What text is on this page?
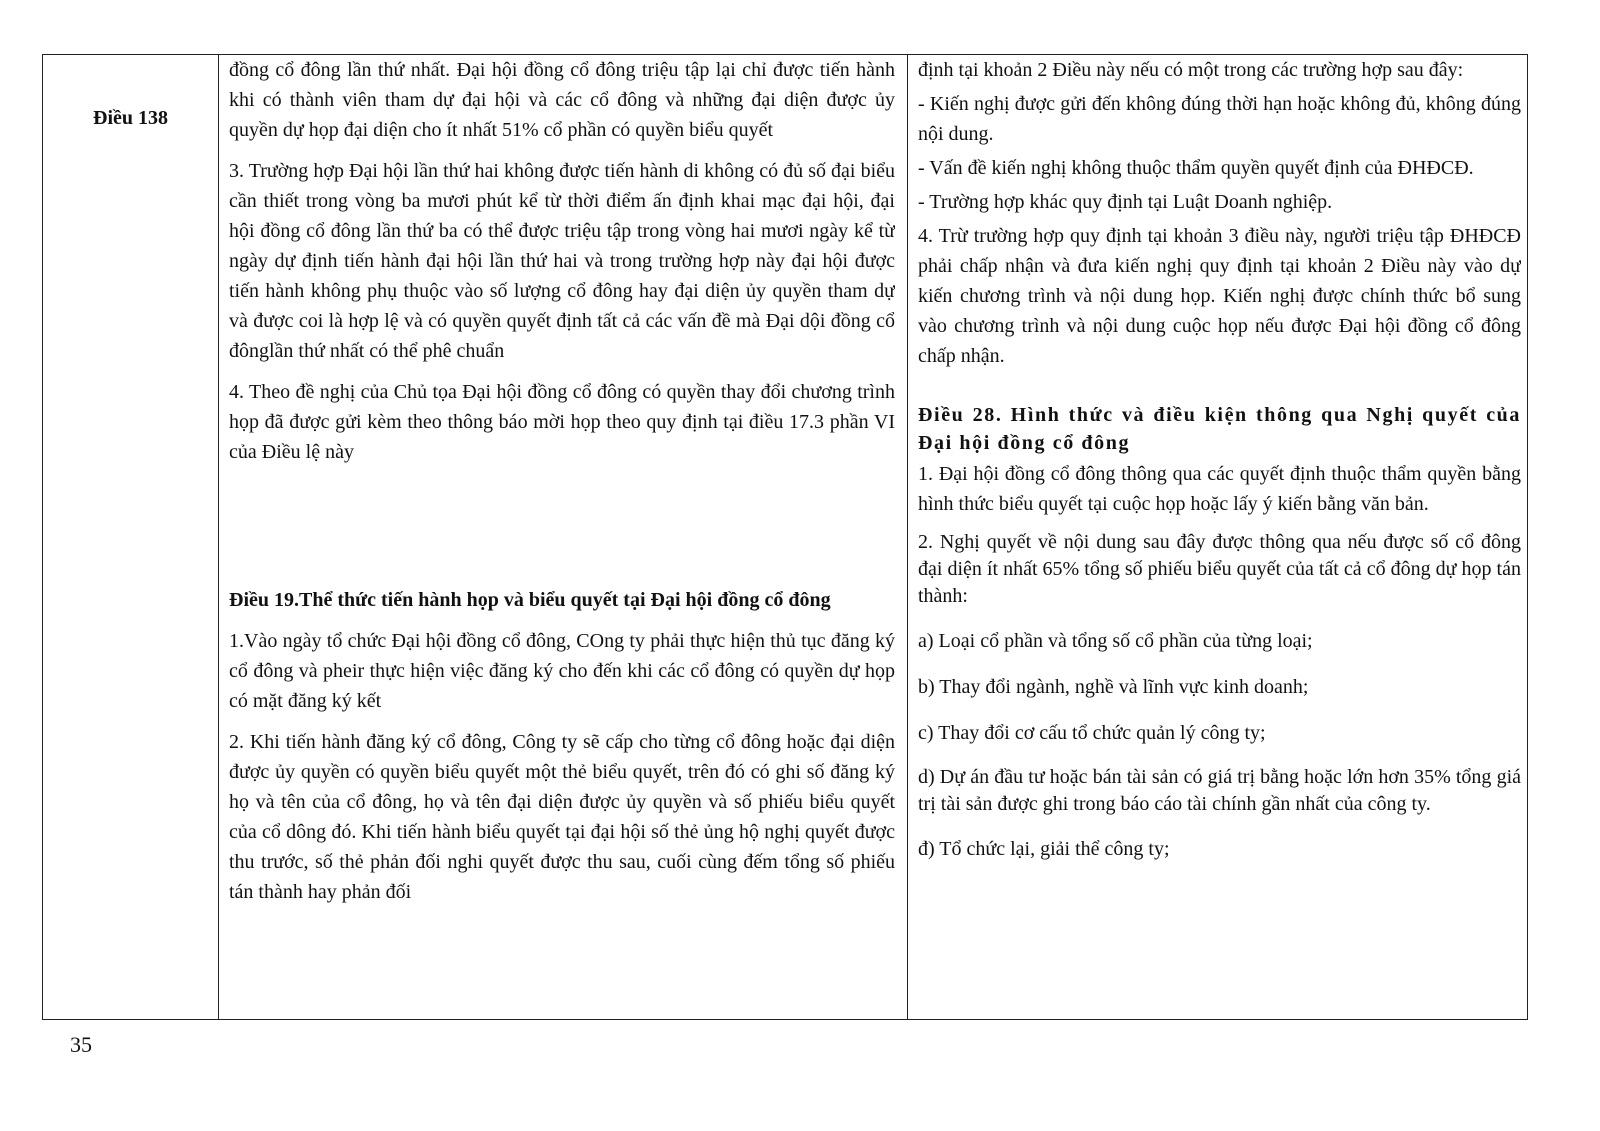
Điều 138

đồng cổ đông lần thứ nhất. Đại hội đồng cổ đông triệu tập lại chỉ được tiến hành khi có thành viên tham dự đại hội và các cổ đông và những đại diện được ủy quyền dự họp đại diện cho ít nhất 51% cổ phần có quyền biểu quyết

3. Trường hợp Đại hội lần thứ hai không được tiến hành di không có đủ số đại biểu cần thiết trong vòng ba mươi phút kể từ thời điểm ấn định khai mạc đại hội, đại hội đồng cổ đông lần thứ ba có thể được triệu tập trong vòng hai mươi ngày kể từ ngày dự định tiến hành đại hội lần thứ hai và trong trường hợp này đại hội được tiến hành không phụ thuộc vào số lượng cổ đông hay đại diện ủy quyền tham dự và được coi là hợp lệ và có quyền quyết định tất cả các vấn đề mà Đại dội đồng cổ đônglần thứ nhất có thể phê chuẩn

4. Theo đề nghị của Chủ tọa Đại hội đồng cổ đông có quyền thay đổi chương trình họp đã được gửi kèm theo thông báo mời họp theo quy định tại điều 17.3 phần VI của Điều lệ này

Điều 19.Thể thức tiến hành họp và biểu quyết tại Đại hội đồng cổ đông

1.Vào ngày tổ chức Đại hội đồng cổ đông, COng ty phải thực hiện thủ tục đăng ký cổ đông và pheir thực hiện việc đăng ký cho đến khi các cổ đông có quyền dự họp có mặt đăng ký kết

2. Khi tiến hành đăng ký cổ đông, Công ty sẽ cấp cho từng cổ đông hoặc đại diện được ủy quyền có quyền biểu quyết một thẻ biểu quyết, trên đó có ghi số đăng ký họ và tên của cổ đông, họ và tên đại diện được ủy quyền và số phiếu biểu quyết của cổ dông đó. Khi tiến hành biểu quyết tại đại hội số thẻ ủng hộ nghị quyết được thu trước, số thẻ phản đối nghi quyết được thu sau, cuối cùng đếm tổng số phiếu tán thành hay phản đối

định tại khoản 2 Điều này nếu có một trong các trường hợp sau đây:

- Kiến nghị được gửi đến không đúng thời hạn hoặc không đủ, không đúng nội dung.

- Vấn đề kiến nghị không thuộc thẩm quyền quyết định của ĐHĐCĐ.

- Trường hợp khác quy định tại Luật Doanh nghiệp.

4. Trừ trường hợp quy định tại khoản 3 điều này, người triệu tập ĐHĐCĐ phải chấp nhận và đưa kiến nghị quy định tại khoản 2 Điều này vào dự kiến chương trình và nội dung họp. Kiến nghị được chính thức bổ sung vào chương trình và nội dung cuộc họp nếu được Đại hội đồng cổ đông chấp nhận.

Điều 28. Hình thức và điều kiện thông qua Nghị quyết của Đại hội đồng cổ đông

1. Đại hội đồng cổ đông thông qua các quyết định thuộc thẩm quyền bằng hình thức biểu quyết tại cuộc họp hoặc lấy ý kiến bằng văn bản.

2. Nghị quyết về nội dung sau đây được thông qua nếu được số cổ đông đại diện ít nhất 65% tổng số phiếu biểu quyết của tất cả cổ đông dự họp tán thành:

a) Loại cổ phần và tổng số cổ phần của từng loại;

b) Thay đổi ngành, nghề và lĩnh vực kinh doanh;

c) Thay đổi cơ cấu tổ chức quản lý công ty;

d) Dự án đầu tư hoặc bán tài sản có giá trị bằng hoặc lớn hơn 35% tổng giá trị tài sản được ghi trong báo cáo tài chính gần nhất của công ty.

đ) Tổ chức lại, giải thể công ty;

35
